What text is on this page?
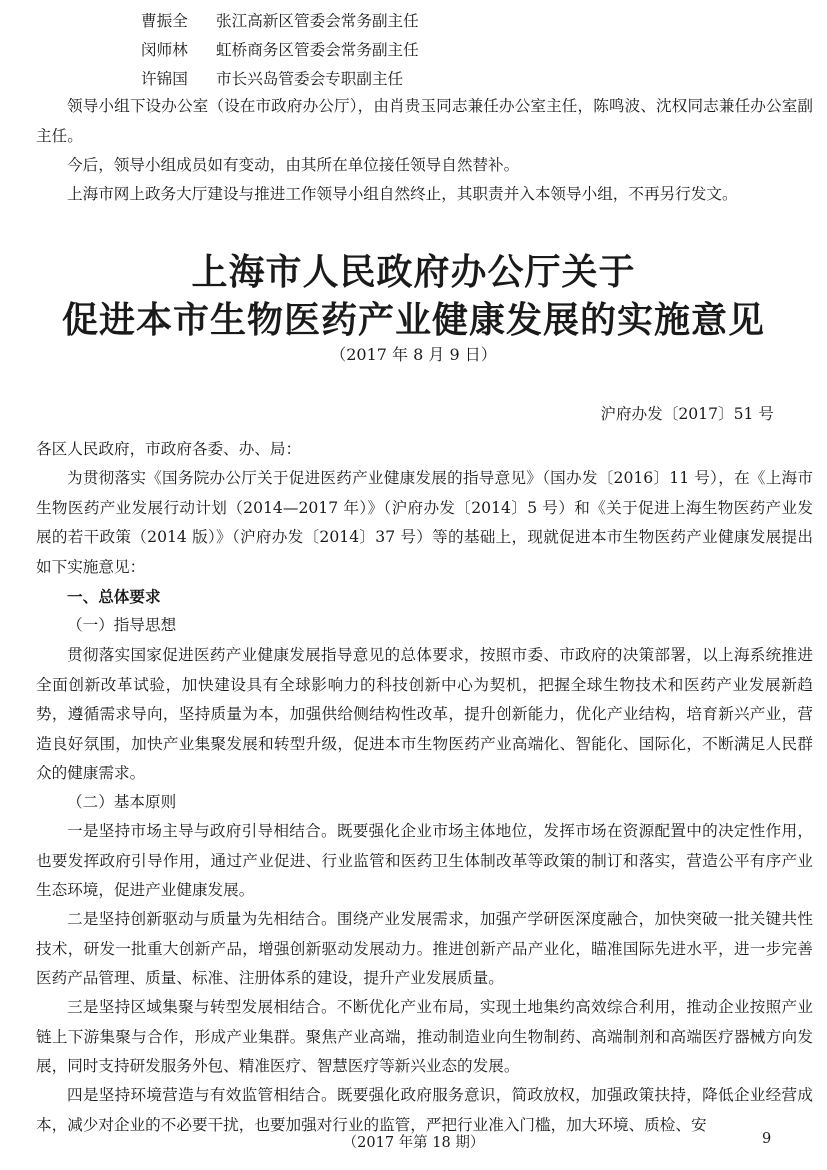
曹振全 张江高新区管委会常务副主任
闵师林 虹桥商务区管委会常务副主任
许锦国 市长兴岛管委会专职副主任
领导小组下设办公室（设在市政府办公厅），由肖贵玉同志兼任办公室主任，陈鸣波、沈权同志兼任办公室副主任。
今后，领导小组成员如有变动，由其所在单位接任领导自然替补。
上海市网上政务大厅建设与推进工作领导小组自然终止，其职责并入本领导小组，不再另行发文。
上海市人民政府办公厅关于
促进本市生物医药产业健康发展的实施意见
（2017 年 8 月 9 日）
沪府办发〔2017〕51 号
各区人民政府，市政府各委、办、局：
为贯彻落实《国务院办公厅关于促进医药产业健康发展的指导意见》（国办发〔2016〕11 号），在《上海市生物医药产业发展行动计划（2014—2017 年）》（沪府办发〔2014〕5 号）和《关于促进上海生物医药产业发展的若干政策（2014 版）》（沪府办发〔2014〕37 号）等的基础上，现就促进本市生物医药产业健康发展提出如下实施意见：
一、总体要求
（一）指导思想
贯彻落实国家促进医药产业健康发展指导意见的总体要求，按照市委、市政府的决策部署，以上海系统推进全面创新改革试验，加快建设具有全球影响力的科技创新中心为契机，把握全球生物技术和医药产业发展新趋势，遵循需求导向，坚持质量为本，加强供给侧结构性改革，提升创新能力，优化产业结构，培育新兴产业，营造良好氛围，加快产业集聚发展和转型升级，促进本市生物医药产业高端化、智能化、国际化，不断满足人民群众的健康需求。
（二）基本原则
一是坚持市场主导与政府引导相结合。既要强化企业市场主体地位，发挥市场在资源配置中的决定性作用，也要发挥政府引导作用，通过产业促进、行业监管和医药卫生体制改革等政策的制订和落实，营造公平有序产业生态环境，促进产业健康发展。
二是坚持创新驱动与质量为先相结合。围绕产业发展需求，加强产学研医深度融合，加快突破一批关键共性技术，研发一批重大创新产品，增强创新驱动发展动力。推进创新产品产业化，瞄准国际先进水平，进一步完善医药产品管理、质量、标准、注册体系的建设，提升产业发展质量。
三是坚持区域集聚与转型发展相结合。不断优化产业布局，实现土地集约高效综合利用，推动企业按照产业链上下游集聚与合作，形成产业集群。聚焦产业高端，推动制造业向生物制药、高端制剂和高端医疗器械方向发展，同时支持研发服务外包、精准医疗、智慧医疗等新兴业态的发展。
四是坚持环境营造与有效监管相结合。既要强化政府服务意识，简政放权，加强政策扶持，降低企业经营成本，减少对企业的不必要干扰，也要加强对行业的监管，严把行业准入门槛，加大环境、质检、安
（2017 年第 18 期）	9
